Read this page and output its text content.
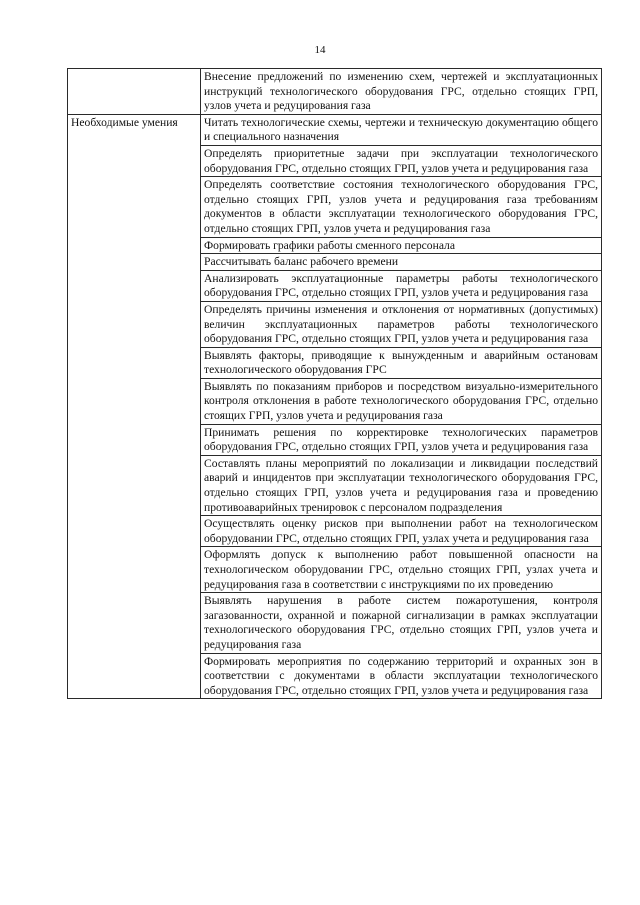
14
	Внесение предложений по изменению схем, чертежей и эксплуатационных инструкций технологического оборудования ГРС, отдельно стоящих ГРП, узлов учета и редуцирования газа
Необходимые умения	Читать технологические схемы, чертежи и техническую документацию общего и специального назначения
	Определять приоритетные задачи при эксплуатации технологического оборудования ГРС, отдельно стоящих ГРП, узлов учета и редуцирования газа
	Определять соответствие состояния технологического оборудования ГРС, отдельно стоящих ГРП, узлов учета и редуцирования газа требованиям документов в области эксплуатации технологического оборудования ГРС, отдельно стоящих ГРП, узлов учета и редуцирования газа
	Формировать графики работы сменного персонала
	Рассчитывать баланс рабочего времени
	Анализировать эксплуатационные параметры работы технологического оборудования ГРС, отдельно стоящих ГРП, узлов учета и редуцирования газа
	Определять причины изменения и отклонения от нормативных (допустимых) величин эксплуатационных параметров работы технологического оборудования ГРС, отдельно стоящих ГРП, узлов учета и редуцирования газа
	Выявлять факторы, приводящие к вынужденным и аварийным остановам технологического оборудования ГРС
	Выявлять по показаниям приборов и посредством визуально-измерительного контроля отклонения в работе технологического оборудования ГРС, отдельно стоящих ГРП, узлов учета и редуцирования газа
	Принимать решения по корректировке технологических параметров оборудования ГРС, отдельно стоящих ГРП, узлов учета и редуцирования газа
	Составлять планы мероприятий по локализации и ликвидации последствий аварий и инцидентов при эксплуатации технологического оборудования ГРС, отдельно стоящих ГРП, узлов учета и редуцирования газа и проведению противоаварийных тренировок с персоналом подразделения
	Осуществлять оценку рисков при выполнении работ на технологическом оборудовании ГРС, отдельно стоящих ГРП, узлах учета и редуцирования газа
	Оформлять допуск к выполнению работ повышенной опасности на технологическом оборудовании ГРС, отдельно стоящих ГРП, узлах учета и редуцирования газа в соответствии с инструкциями по их проведению
	Выявлять нарушения в работе систем пожаротушения, контроля загазованности, охранной и пожарной сигнализации в рамках эксплуатации технологического оборудования ГРС, отдельно стоящих ГРП, узлов учета и редуцирования газа
	Формировать мероприятия по содержанию территорий и охранных зон в соответствии с документами в области эксплуатации технологического оборудования ГРС, отдельно стоящих ГРП, узлов учета и редуцирования газа
